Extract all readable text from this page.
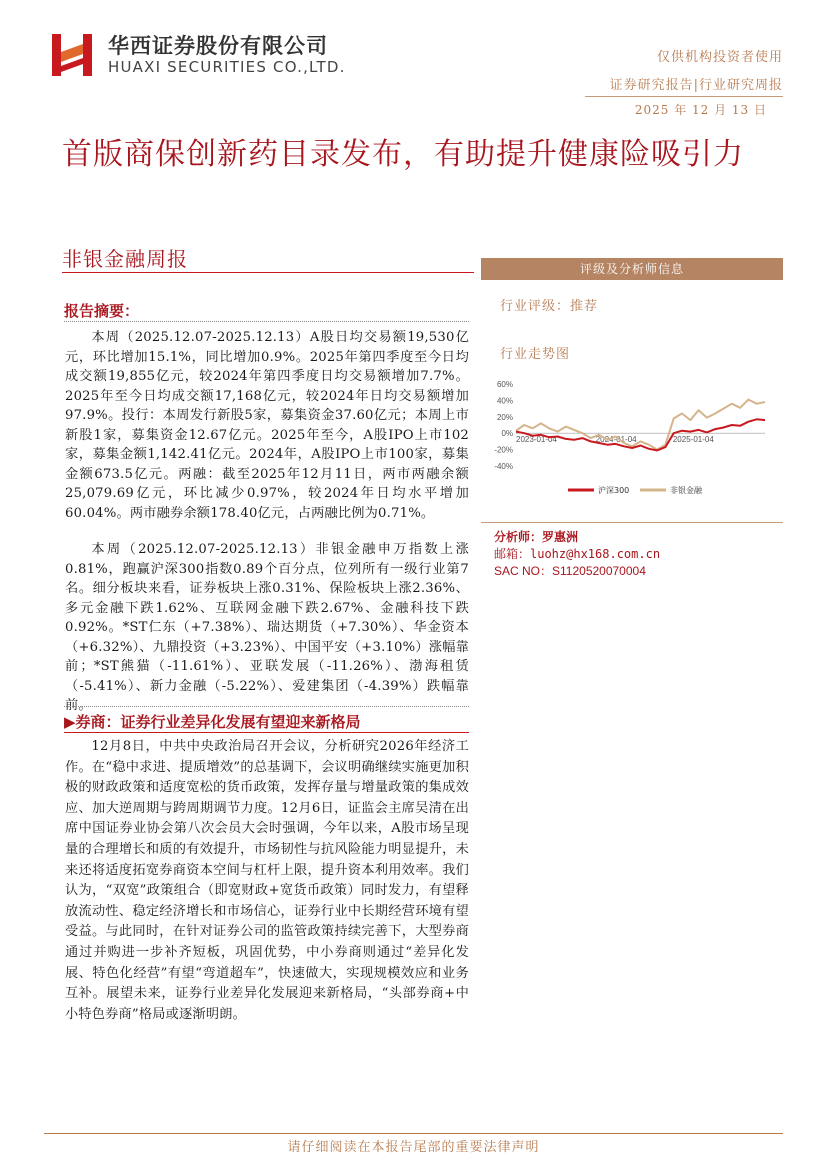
华西证券股份有限公司
HUAXI SECURITIES CO.,LTD.
仅供机构投资者使用
证券研究报告|行业研究周报
2025 年 12 月 13 日
首版商保创新药目录发布，有助提升健康险吸引力
非银金融周报	评级及分析师信息
行业评级：推荐
行业走势图
60%
40%
20%
0%
-20%
-40%
2023-01-04	2024-01-04	2025-01-04
沪深300	非银金融
分析师：罗惠洲
邮箱：luohz@hx168.com.cn
SAC NO：S1120520070004
报告摘要：
本周（2025.12.07-2025.12.13）A股日均交易额19,530亿元，环比增加15.1%，同比增加0.9%。2025年第四季度至今日均成交额19,855亿元，较2024年第四季度日均交易额增加7.7%。2025年至今日均成交额17,168亿元，较2024年日均交易额增加97.9%。投行：本周发行新股5家，募集资金37.60亿元；本周上市新股1家，募集资金12.67亿元。2025年至今，A股IPO上市102家，募集金额1,142.41亿元。2024年，A股IPO上市100家，募集金额673.5亿元。两融：截至2025年12月11日，两市两融余额25,079.69亿元，环比减少0.97%，较2024年日均水平增加60.04%。两市融券余额178.40亿元，占两融比例为0.71%。
本周（2025.12.07-2025.12.13）非银金融申万指数上涨0.81%，跑赢沪深300指数0.89个百分点，位列所有一级行业第7名。细分板块来看，证券板块上涨0.31%、保险板块上涨2.36%、多元金融下跌1.62%、互联网金融下跌2.67%、金融科技下跌0.92%。*ST仁东（+7.38%）、瑞达期货（+7.30%）、华金资本（+6.32%）、九鼎投资（+3.23%）、中国平安（+3.10%）涨幅靠前；*ST熊猫（-11.61%）、亚联发展（-11.26%）、渤海租赁（-5.41%）、新力金融（-5.22%）、爱建集团（-4.39%）跌幅靠前。
▶券商：证券行业差异化发展有望迎来新格局
12月8日，中共中央政治局召开会议，分析研究2026年经济工作。在“稳中求进、提质增效”的总基调下，会议明确继续实施更加积极的财政政策和适度宽松的货币政策，发挥存量与增量政策的集成效应、加大逆周期与跨周期调节力度。12月6日，证监会主席吴清在出席中国证券业协会第八次会员大会时强调，今年以来，A股市场呈现量的合理增长和质的有效提升，市场韧性与抗风险能力明显提升，未来还将适度拓宽券商资本空间与杠杆上限，提升资本利用效率。我们认为，“双宽”政策组合（即宽财政+宽货币政策）同时发力，有望释放流动性、稳定经济增长和市场信心，证券行业中长期经营环境有望受益。与此同时，在针对证券公司的监管政策持续完善下，大型券商通过并购进一步补齐短板，巩固优势，中小券商则通过“差异化发展、特色化经营”有望“弯道超车”，快速做大，实现规模效应和业务互补。展望未来，证券行业差异化发展迎来新格局，“头部券商+中小特色券商”格局或逐渐明朗。
请仔细阅读在本报告尾部的重要法律声明
